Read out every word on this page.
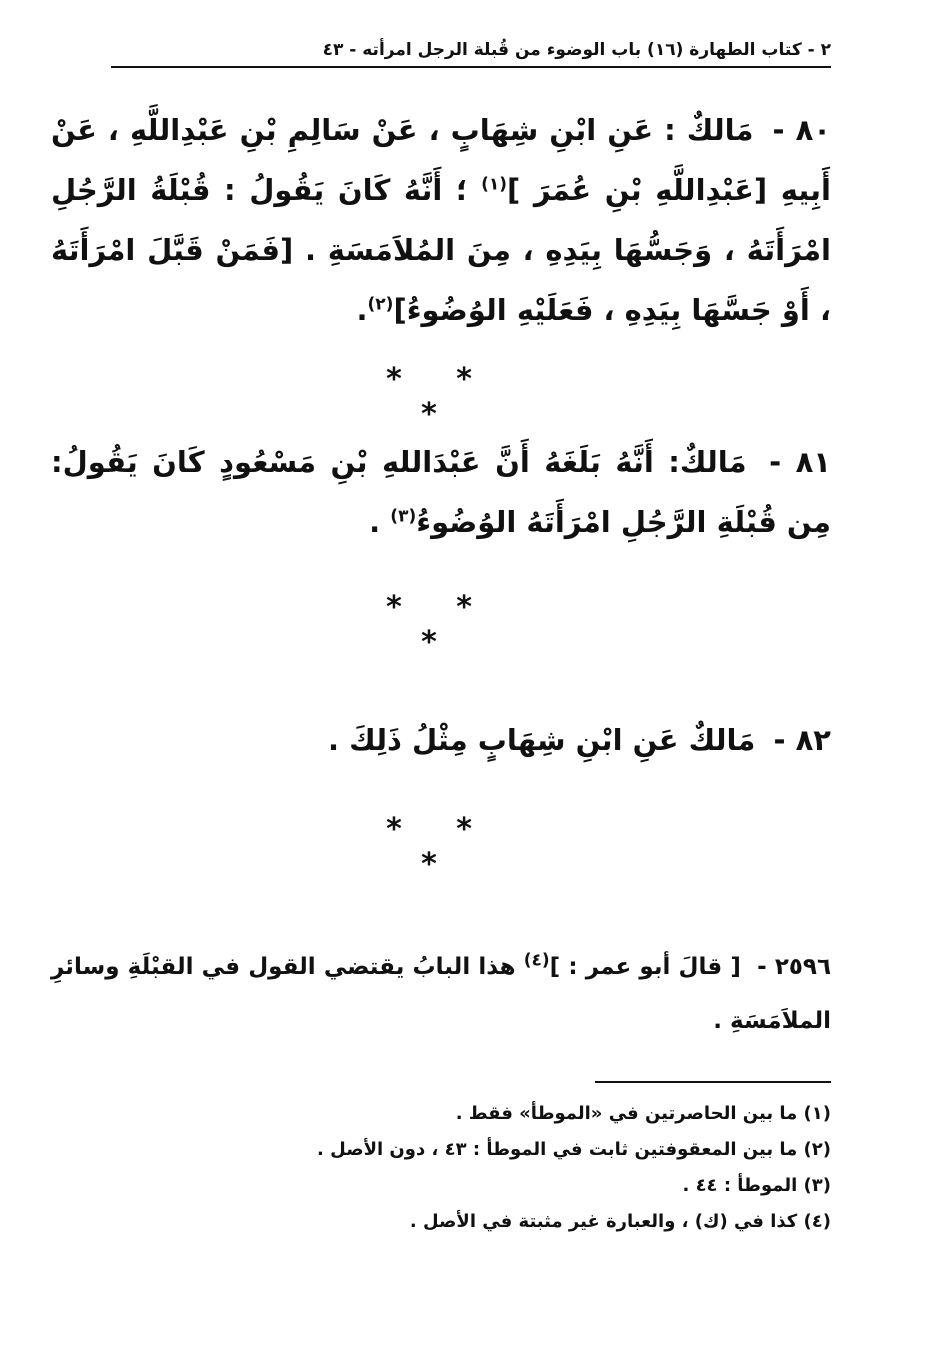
٢ - كتاب الطهارة (١٦) باب الوضوء من قُبلة الرجل امرأته - ٤٣
٨٠ - مَالكٌ : عَنِ ابْنِ شِهَابٍ ، عَنْ سَالِمِ بْنِ عَبْدِاللَّهِ ، عَنْ أَبِيهِ [عَبْدِاللَّهِ بْنِ عُمَرَ ]$^{(١)}$ ؛ أَنَّهُ كَانَ يَقُولُ : قُبْلَةُ الرَّجُلِ امْرَأَتَهُ ، وَجَسُّهَا بِيَدِهِ ، مِنَ المُلاَمَسَةِ . [فَمَنْ قَبَّلَ امْرَأَتَهُ ، أَوْ جَسَّهَا بِيَدِهِ ، فَعَلَيْهِ الوُضُوءُ]$^{(٢)}$.
* * *
٨١ - مَالكٌ: أَنَّهُ بَلَغَهُ أَنَّ عَبْدَاللهِ بْنِ مَسْعُودٍ كَانَ يَقُولُ: مِن قُبْلَةِ الرَّجُلِ امْرَأَتَهُ الوُضُوءُ$^{(٣)}$ .
* * *
٨٢ - مَالكٌ عَنِ ابْنِ شِهَابٍ مِثْلُ ذَلِكَ .
* * *
٢٥٩٦ - [ قالَ أبو عمر : ]$^{(٤)}$ هذا البابُ يقتضي القول في القبْلَةِ وسائرِ الملاَمَسَةِ .
(١) ما بين الحاصرتين في «الموطأ» فقط .
(٢) ما بين المعقوفتين ثابت في الموطأ : ٤٣ ، دون الأصل .
(٣) الموطأ : ٤٤ .
(٤) كذا في (ك) ، والعبارة غير مثبتة في الأصل .
